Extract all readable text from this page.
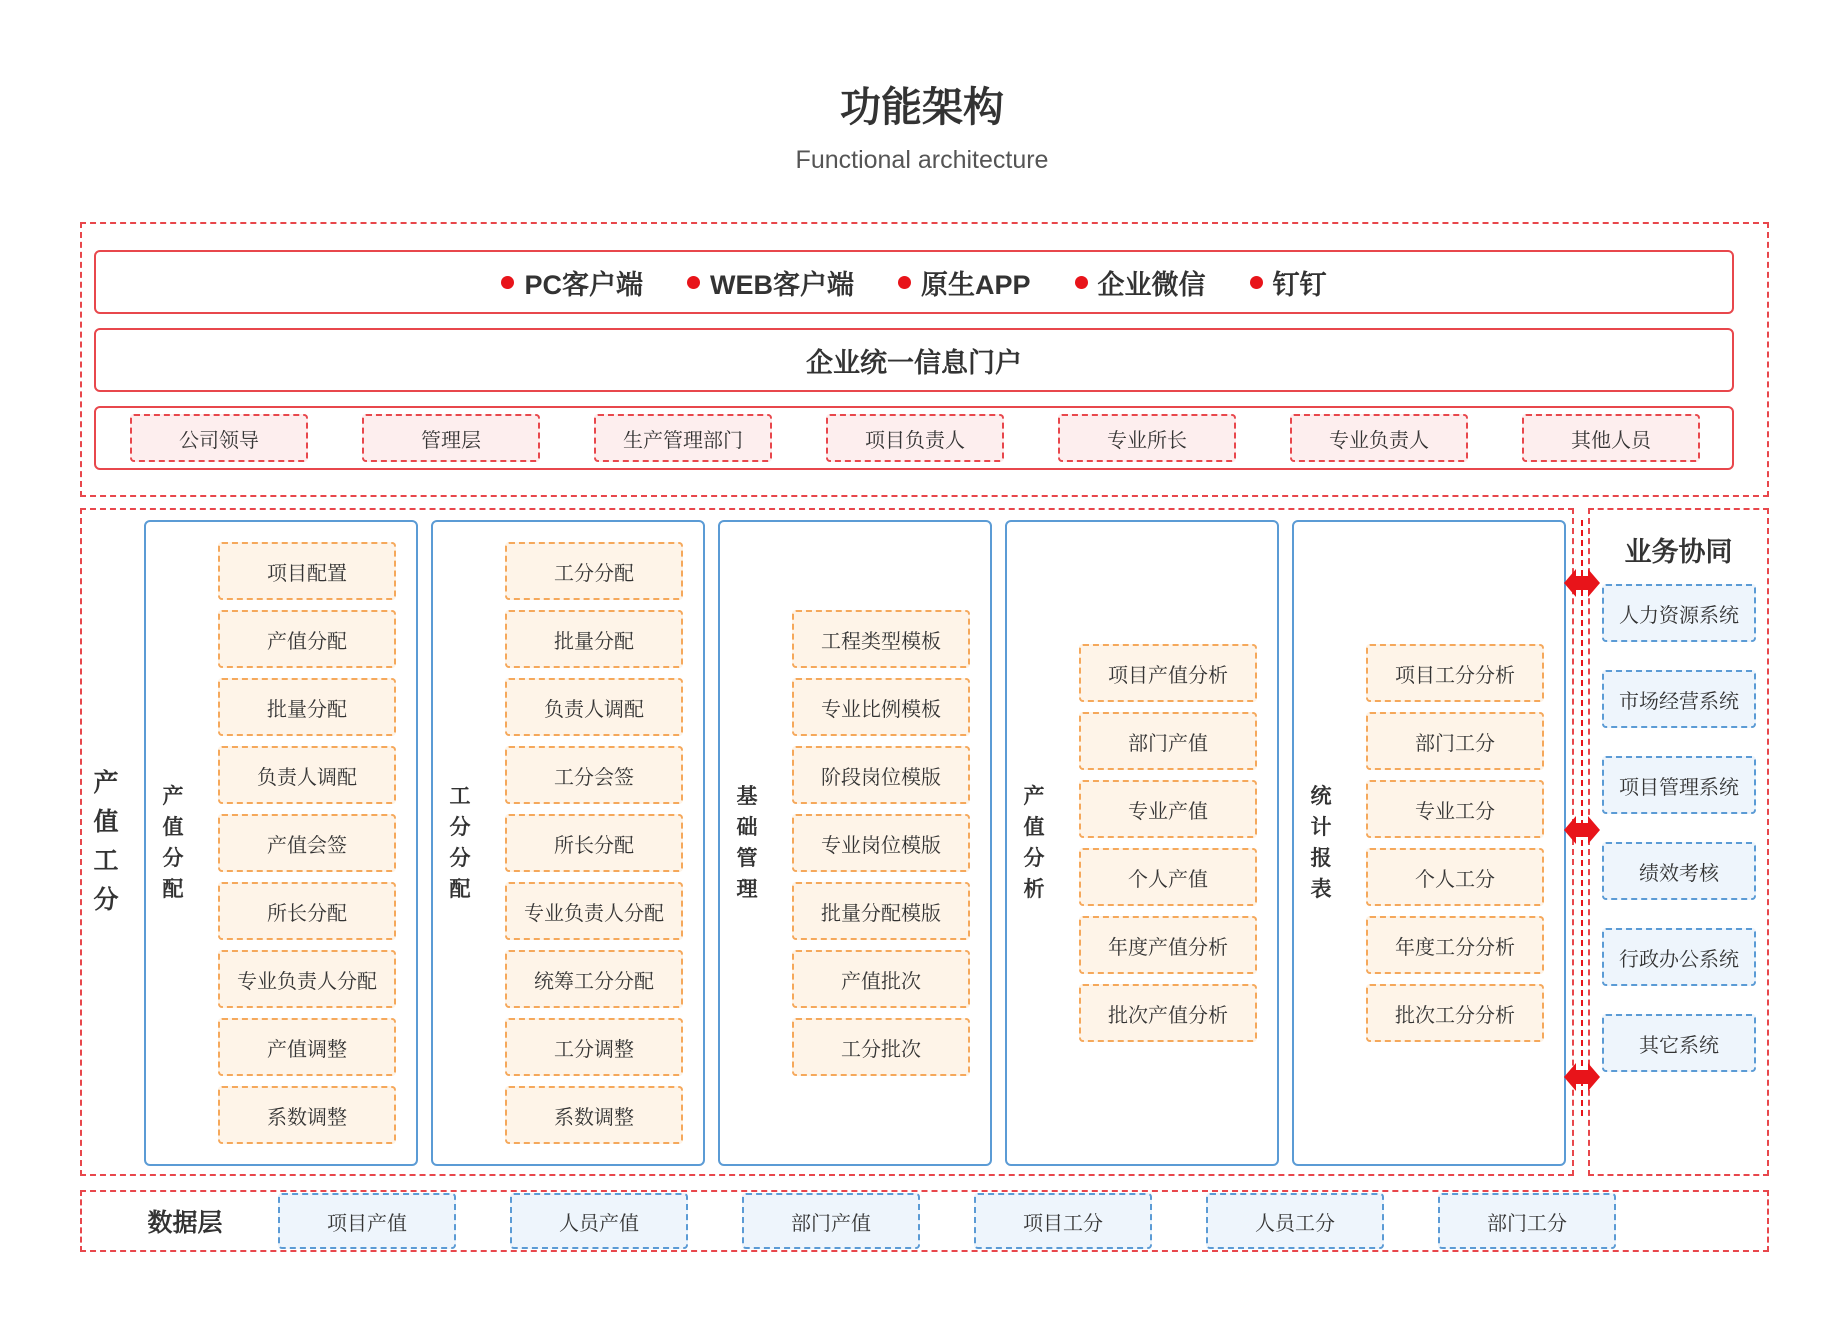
功能架构
Functional architecture
PC客户端 WEB客户端 原生APP 企业微信 钉钉
企业统一信息门户
公司领导	管理层	生产管理部门	项目负责人	专业所长	专业负责人	其他人员
产
值
工
分
产
值
分
配
项目配置
产值分配
批量分配
负责人调配
产值会签
所长分配
专业负责人分配
产值调整
系数调整
工
分
分
配
工分分配
批量分配
负责人调配
工分会签
所长分配
专业负责人分配
统筹工分分配
工分调整
系数调整
基
础
管
理
工程类型模板
专业比例模板
阶段岗位模版
专业岗位模版
批量分配模版
产值批次
工分批次
产
值
分
析
项目产值分析
部门产值
专业产值
个人产值
年度产值分析
批次产值分析
统
计
报
表
项目工分分析
部门工分
专业工分
个人工分
年度工分分析
批次工分分析
业务协同
人力资源系统
市场经营系统
项目管理系统
绩效考核
行政办公系统
其它系统
数据层	项目产值	人员产值	部门产值	项目工分	人员工分	部门工分
